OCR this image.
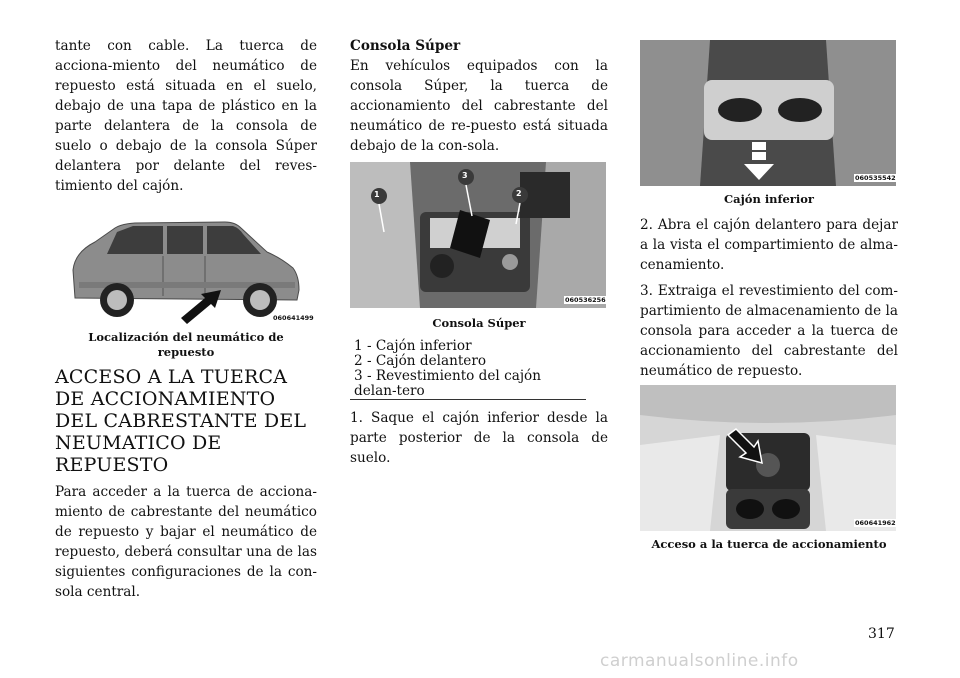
tante con cable. La tuerca de acciona-miento del neumático de repuesto está situada en el suelo, debajo de una tapa de plástico en la parte delantera de la consola de suelo o debajo de la consola Súper delantera por delante del reves-timiento del cajón.

060641499

Localización del neumático de repuesto

ACCESO A LA TUERCA DE ACCIONAMIENTO DEL CABRESTANTE DEL NEUMATICO DE REPUESTO

Para acceder a la tuerca de acciona-miento de cabrestante del neumático de repuesto y bajar el neumático de repuesto, deberá consultar una de las siguientes configuraciones de la con-sola central.

Consola Súper

En vehículos equipados con la consola Súper, la tuerca de accionamiento del cabrestante del neumático de re-puesto está situada debajo de la con-sola.

1
3
2
060536256

Consola Súper

1 - Cajón inferior

2 - Cajón delantero

3 - Revestimiento del cajón delan-tero

1. Saque el cajón inferior desde la parte posterior de la consola de suelo.

060535542

Cajón inferior

2. Abra el cajón delantero para dejar a la vista el compartimiento de alma-cenamiento.

3. Extraiga el revestimiento del com-partimiento de almacenamiento de la consola para acceder a la tuerca de accionamiento del cabrestante del neumático de repuesto.

060641962

Acceso a la tuerca de accionamiento

317
carmanualsonline.info
